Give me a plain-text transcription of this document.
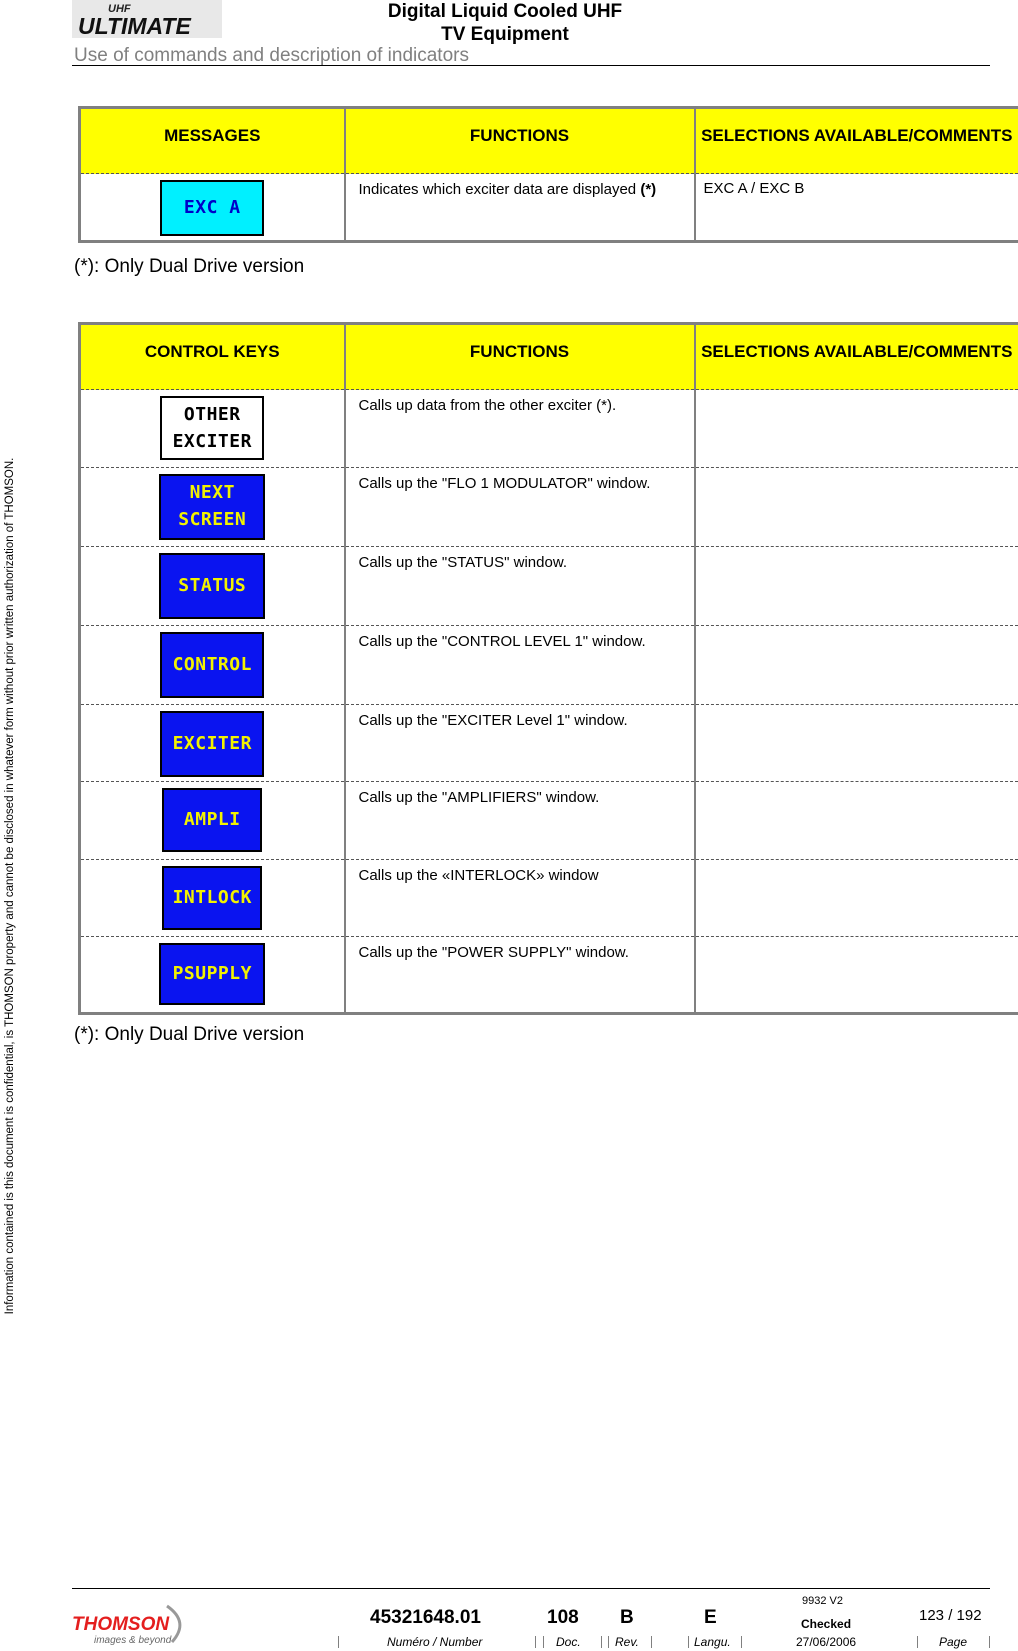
UHF
ULTIMATE
Digital Liquid Cooled UHF
TV Equipment
Use of commands and description of indicators
Information contained is this document is confidential, is THOMSON property and cannot be disclosed in whatever form without prior written authorization of THOMSON.
MESSAGES	FUNCTIONS	SELECTIONS AVAILABLE/COMMENTS
EXC A	Indicates which exciter data are displayed (*)	EXC A / EXC B
(*): Only Dual Drive version
CONTROL KEYS	FUNCTIONS	SELECTIONS AVAILABLE/COMMENTS

OTHER
EXCITER	Calls up data from the other exciter (*).	

NEXT
SCREEN	Calls up the "FLO 1 MODULATOR" window.	
STATUS	Calls up the "STATUS" window.	
CONTROL	Calls up the "CONTROL LEVEL 1" window.	
EXCITER	Calls up the "EXCITER Level 1" window.	
AMPLI	Calls up the "AMPLIFIERS" window.	
INTLOCK	Calls up the «INTERLOCK» window	
PSUPPLY	Calls up the "POWER SUPPLY" window.	
(*): Only Dual Drive version
THOMSON
images & beyond
45321648.01	108 B	E
9932 V2
Checked	123 / 192
Numéro / Number	Doc.	Rev.	Langu.	27/06/2006	Page
